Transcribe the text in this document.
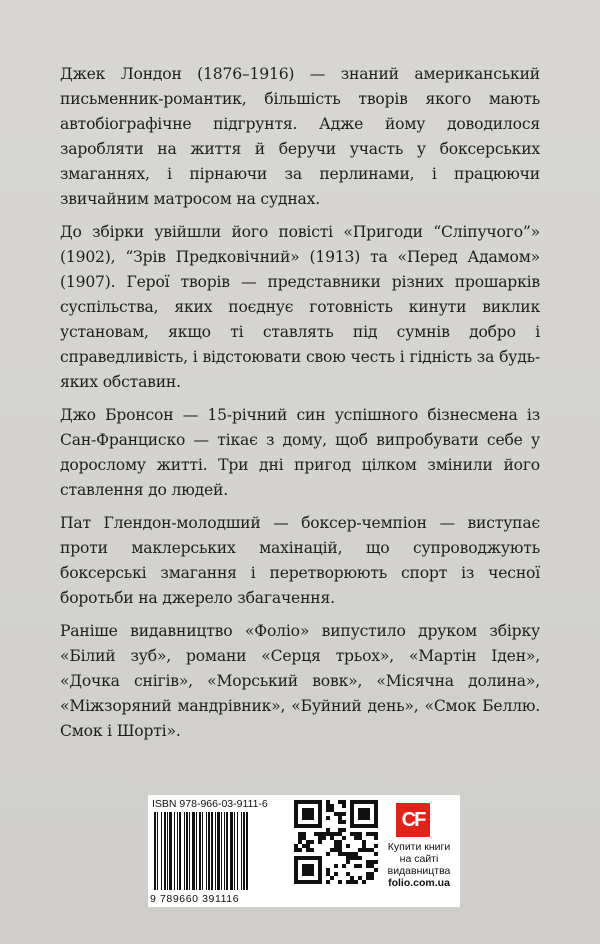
Джек Лондон (1876–1916) — знаний американський письменник-романтик, більшість творів якого мають автобіографічне підгрунтя. Адже йому доводилося заробляти на життя й беручи участь у боксерських змаганнях, і пірнаючи за перлинами, і працюючи звичайним матросом на суднах.

До збірки увійшли його повісті «Пригоди “Сліпучого”» (1902), “Зрів Предковічний» (1913) та «Перед Адамом» (1907). Герої творів — представники різних прошарків суспільства, яких поєднує готовність кинути виклик установам, якщо ті ставлять під сумнів добро і справедливість, і відстоювати свою честь і гідність за будь-яких обставин.

Джо Бронсон — 15-річний син успішного бізнесмена із Сан-Франциско — тікає з дому, щоб випробувати себе у дорослому житті. Три дні пригод цілком змінили його ставлення до людей.

Пат Глендон-молодший — боксер-чемпіон — виступає проти маклерських махінацій, що супроводжують боксерські змагання і перетворюють спорт із чесної боротьби на джерело збагачення.

Раніше видавництво «Фоліо» випустило друком збірку «Білий зуб», романи «Серця трьох», «Мартін Іден», «Дочка снігів», «Морський вовк», «Місячна долина», «Міжзоряний мандрівник», «Буйний день», «Смок Беллю. Смок і Шорті».

ISBN 978-966-03-9111-6
9 789660 391116
CF
Купити книги
на сайті
видавництва
folio.com.ua
